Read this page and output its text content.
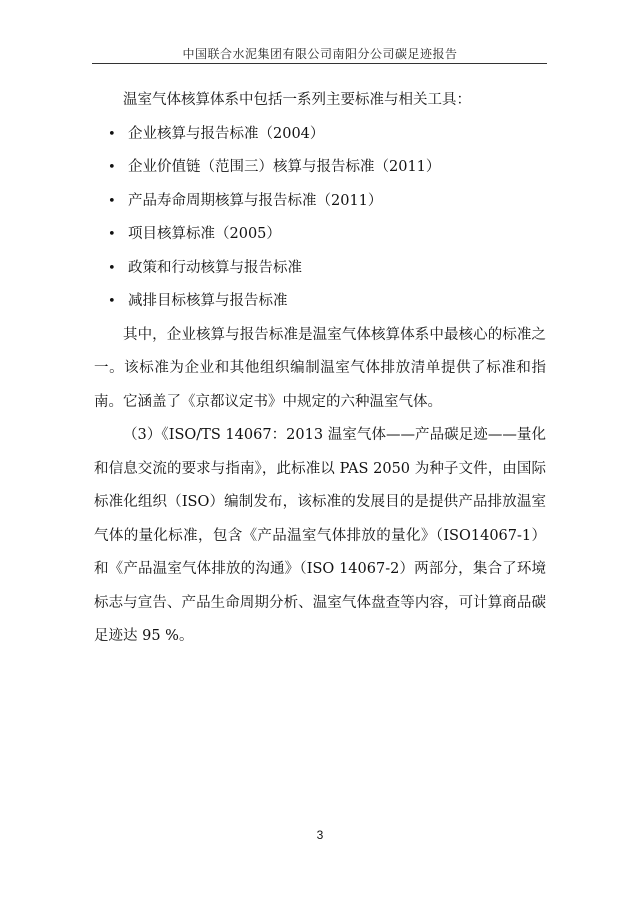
中国联合水泥集团有限公司南阳分公司碳足迹报告

温室气体核算体系中包括一系列主要标准与相关工具：

• 企业核算与报告标准（2004）
• 企业价值链（范围三）核算与报告标准（2011）
• 产品寿命周期核算与报告标准（2011）
• 项目核算标准（2005）
• 政策和行动核算与报告标准
• 减排目标核算与报告标准

其中，企业核算与报告标准是温室气体核算体系中最核心的标准之一。该标准为企业和其他组织编制温室气体排放清单提供了标准和指南。它涵盖了《京都议定书》中规定的六种温室气体。

（3）《ISO/TS 14067：2013 温室气体——产品碳足迹——量化和信息交流的要求与指南》，此标准以 PAS 2050 为种子文件，由国际标准化组织（ISO）编制发布，该标准的发展目的是提供产品排放温室气体的量化标准，包含《产品温室气体排放的量化》（ISO14067-1）和《产品温室气体排放的沟通》（ISO 14067-2）两部分，集合了环境标志与宣告、产品生命周期分析、温室气体盘查等内容，可计算商品碳足迹达 95 %。

3
